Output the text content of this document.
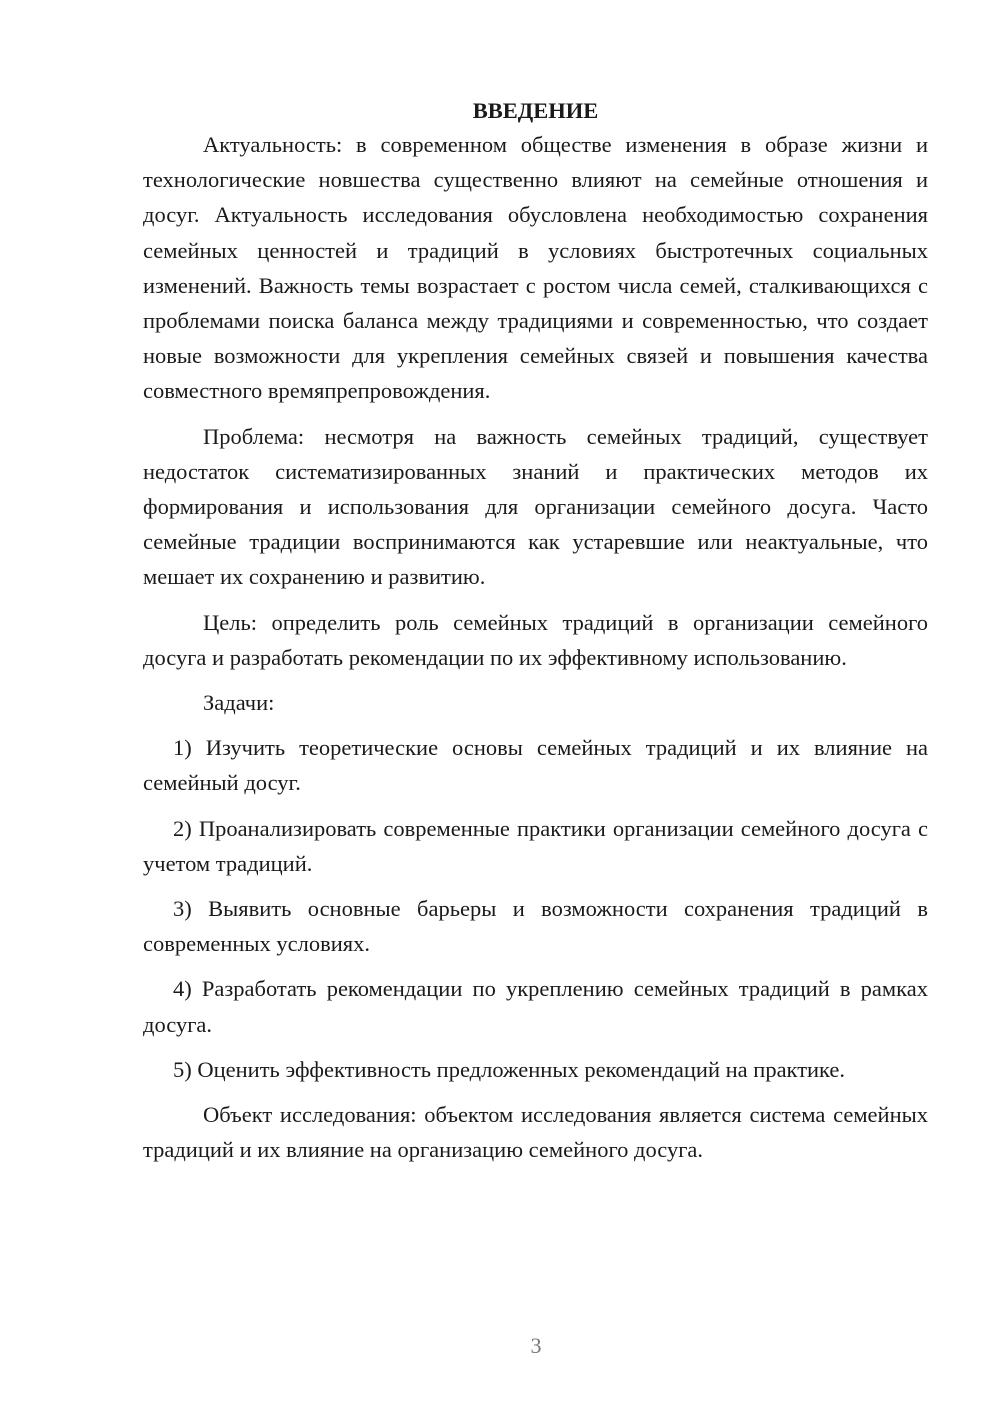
ВВЕДЕНИЕ

Актуальность: в современном обществе изменения в образе жизни и технологические новшества существенно влияют на семейные отношения и досуг. Актуальность исследования обусловлена необходимостью сохранения семейных ценностей и традиций в условиях быстротечных социальных изменений. Важность темы возрастает с ростом числа семей, сталкивающихся с проблемами поиска баланса между традициями и современностью, что создает новые возможности для укрепления семейных связей и повышения качества совместного времяпрепровождения.

Проблема: несмотря на важность семейных традиций, существует недостаток систематизированных знаний и практических методов их формирования и использования для организации семейного досуга. Часто семейные традиции воспринимаются как устаревшие или неактуальные, что мешает их сохранению и развитию.

Цель: определить роль семейных традиций в организации семейного досуга и разработать рекомендации по их эффективному использованию.

Задачи:

1) Изучить теоретические основы семейных традиций и их влияние на семейный досуг.

2) Проанализировать современные практики организации семейного досуга с учетом традиций.

3) Выявить основные барьеры и возможности сохранения традиций в современных условиях.

4) Разработать рекомендации по укреплению семейных традиций в рамках досуга.

5) Оценить эффективность предложенных рекомендаций на практике.

Объект исследования: объектом исследования является система семейных традиций и их влияние на организацию семейного досуга.

3
